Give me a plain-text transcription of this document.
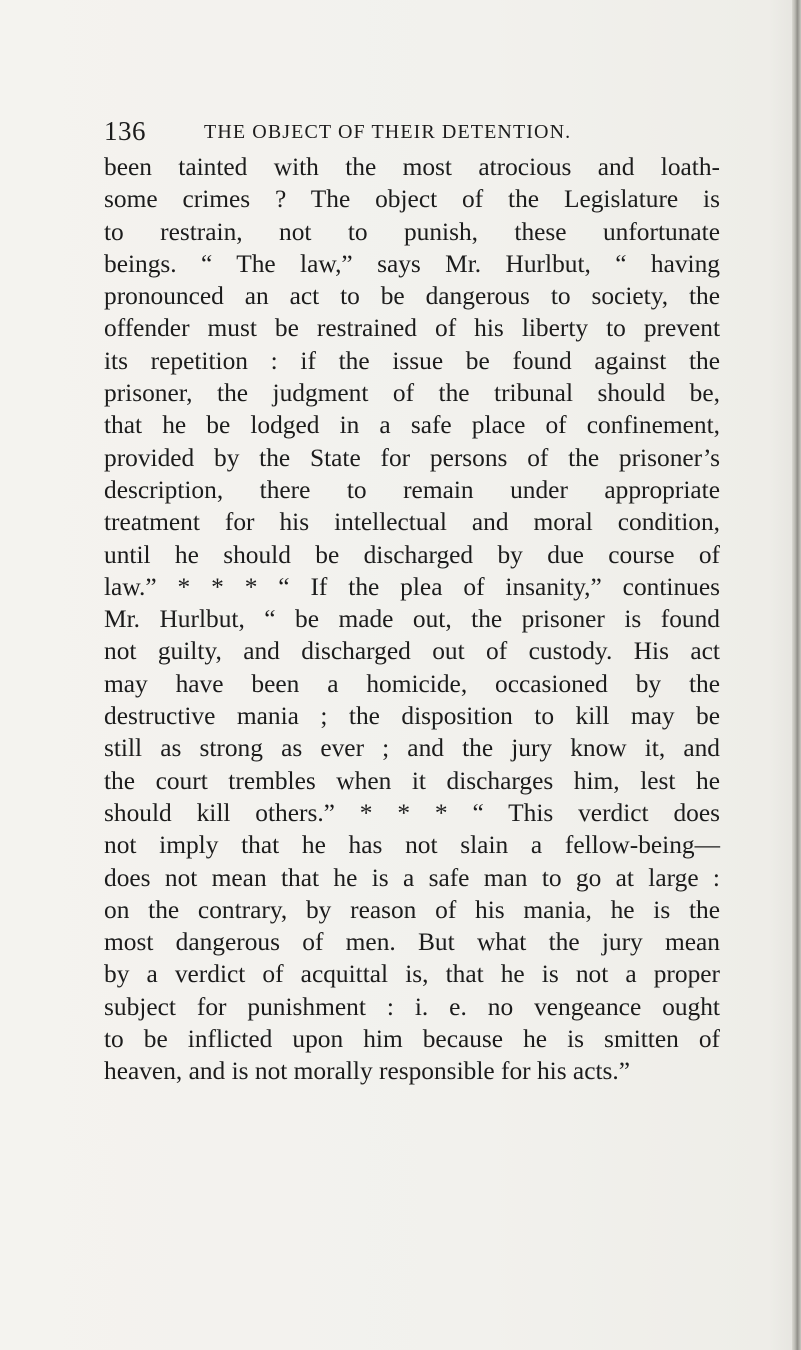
136	THE OBJECT OF THEIR DETENTION.
been tainted with the most atrocious and loath-
some crimes ? The object of the Legislature is
to restrain, not to punish, these unfortunate
beings. “ The law,” says Mr. Hurlbut, “ having
pronounced an act to be dangerous to society, the
offender must be restrained of his liberty to prevent
its repetition : if the issue be found against the
prisoner, the judgment of the tribunal should be,
that he be lodged in a safe place of confinement,
provided by the State for persons of the prisoner’s
description, there to remain under appropriate
treatment for his intellectual and moral condition,
until he should be discharged by due course of
law.” * * * “ If the plea of insanity,” continues
Mr. Hurlbut, “ be made out, the prisoner is found
not guilty, and discharged out of custody. His act
may have been a homicide, occasioned by the
destructive mania ; the disposition to kill may be
still as strong as ever ; and the jury know it, and
the court trembles when it discharges him, lest he
should kill others.” * * * “ This verdict does
not imply that he has not slain a fellow-being—
does not mean that he is a safe man to go at large :
on the contrary, by reason of his mania, he is the
most dangerous of men. But what the jury mean
by a verdict of acquittal is, that he is not a proper
subject for punishment : i. e. no vengeance ought
to be inflicted upon him because he is smitten of
heaven, and is not morally responsible for his acts.”
